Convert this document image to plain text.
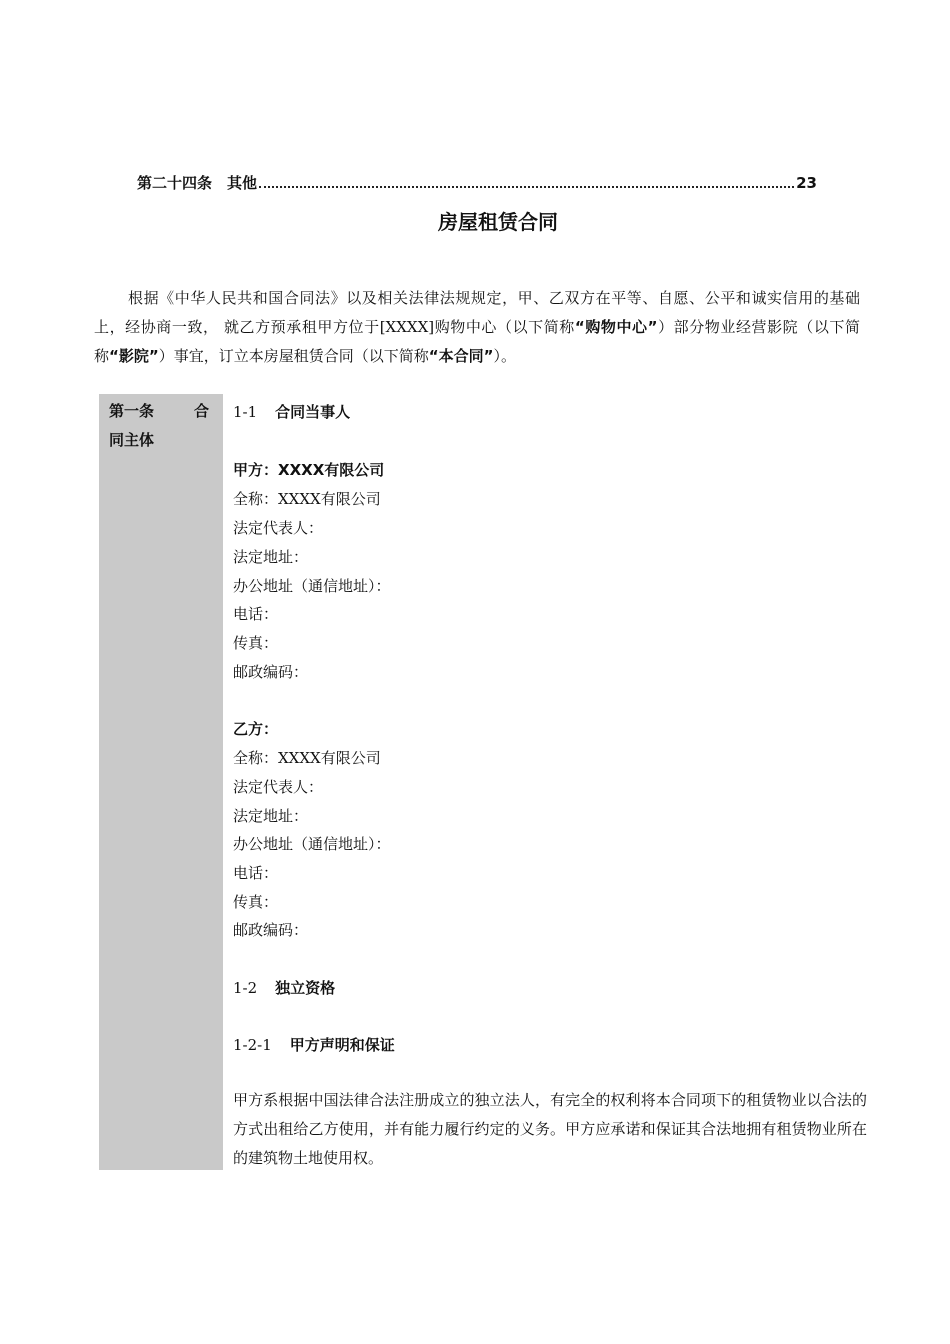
第二十四条　其他	23
房屋租赁合同
根据《中华人民共和国合同法》以及相关法律法规规定，甲、乙双方在平等、自愿、公平和诚实信用的基础上，经协商一致， 就乙方预承租甲方位于[XXXX]购物中心（以下简称“购物中心”）部分物业经营影院（以下简称“影院”）事宜，订立本房屋租赁合同（以下简称“本合同”）。
第一条	合
同主体
1-1 合同当事人
甲方：XXXX有限公司
全称：XXXX有限公司
法定代表人：
法定地址：
办公地址（通信地址）：
电话：
传真：
邮政编码：
乙方：
全称：XXXX有限公司
法定代表人：
法定地址：
办公地址（通信地址）：
电话：
传真：
邮政编码：
1-2 独立资格
1-2-1 甲方声明和保证
甲方系根据中国法律合法注册成立的独立法人，有完全的权利将本合同项下的租赁物业以合法的方式出租给乙方使用，并有能力履行约定的义务。甲方应承诺和保证其合法地拥有租赁物业所在的建筑物土地使用权。
